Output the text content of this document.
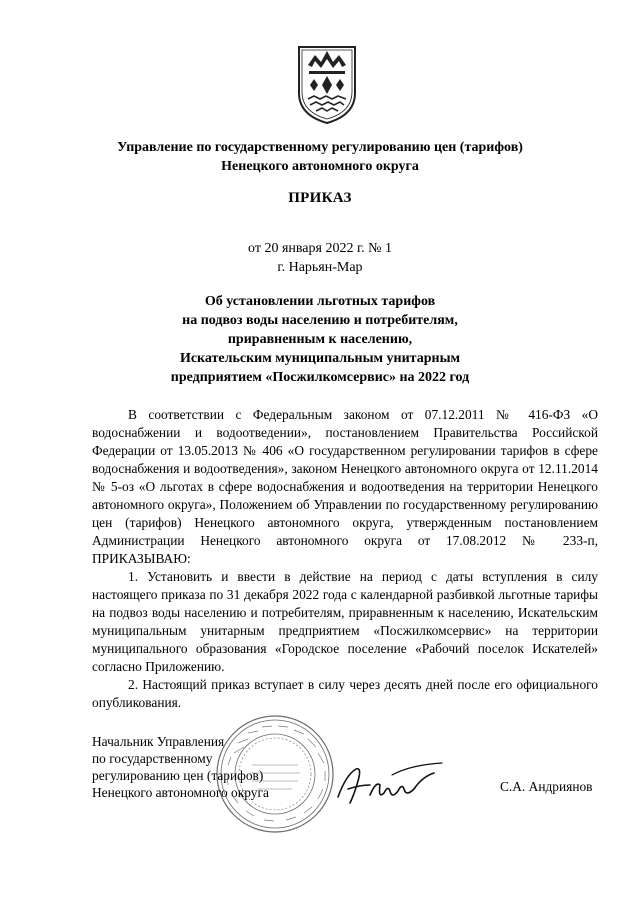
Управление по государственному регулированию цен (тарифов)
Ненецкого автономного округа
ПРИКАЗ
от 20 января 2022 г. № 1
г. Нарьян-Мар
Об установлении льготных тарифов
на подвоз воды населению и потребителям,
приравненным к населению,
Искательским муниципальным унитарным
предприятием «Посжилкомсервис» на 2022 год

В соответствии с Федеральным законом от 07.12.2011 № 416-ФЗ «О водоснабжении и водоотведении», постановлением Правительства Российской Федерации от 13.05.2013 № 406 «О государственном регулировании тарифов в сфере водоснабжения и водоотведения», законом Ненецкого автономного округа от 12.11.2014 № 5-оз «О льготах в сфере водоснабжения и водоотведения на территории Ненецкого автономного округа», Положением об Управлении по государственному регулированию цен (тарифов) Ненецкого автономного округа, утвержденным постановлением Администрации Ненецкого автономного округа от 17.08.2012 № 233-п, ПРИКАЗЫВАЮ:

1. Установить и ввести в действие на период с даты вступления в силу настоящего приказа по 31 декабря 2022 года с календарной разбивкой льготные тарифы на подвоз воды населению и потребителям, приравненным к населению, Искательским муниципальным унитарным предприятием «Посжилкомсервис» на территории муниципального образования «Городское поселение «Рабочий поселок Искателей» согласно Приложению.

2. Настоящий приказ вступает в силу через десять дней после его официального опубликования.

Начальник Управления
по государственному
регулированию цен (тарифов)
Ненецкого автономного округа	С.А. Андриянов
